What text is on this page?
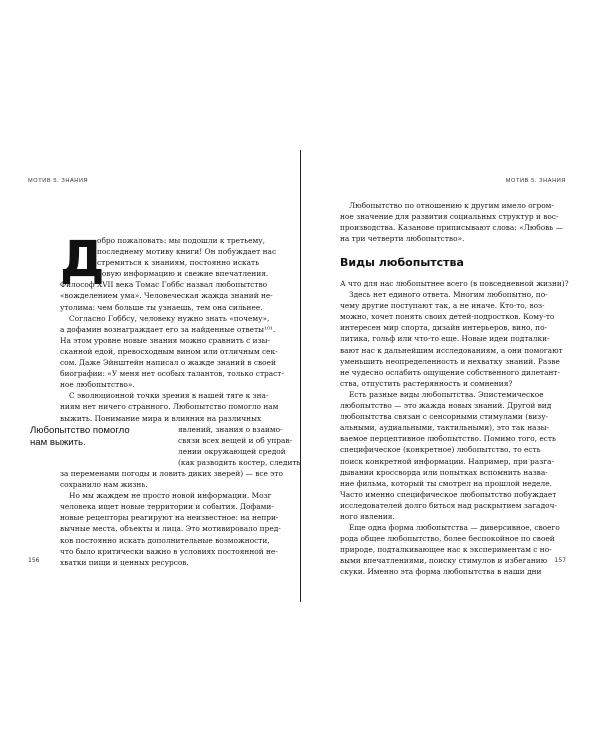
МОТИВ 5. ЗНАНИЯ
Д
обро пожаловать: мы подошли к третьему,
последнему мотиву книги! Он побуждает нас
стремиться к знаниям, постоянно искать
новую информацию и свежие впечатления.
Философ XVII века Томас Гоббс назвал любопытство
«вожделением ума». Человеческая жажда знаний не-
утолима: чем больше ты узнаешь, тем она сильнее.
Согласно Гоббсу, человеку нужно знать «почему»,
а дофамин вознаграждает его за найденные ответы¹⁰¹.
На этом уровне новые знания можно сравнить с изы-
сканной едой, превосходным вином или отличным сек-
сом. Даже Эйнштейн написал о жажде знаний в своей
биографии: «У меня нет особых талантов, только страст-
ное любопытство».
С эволюционной точки зрения в нашей тяге к зна-
ниям нет ничего странного. Любопытство помогло нам
выжить. Понимание мира и влияния на различных
явлений, знания о взаимо-
связи всех вещей и об управ-
лении окружающей средой
(как разводить костер, следить
за переменами погоды и ловить диких зверей) — все это
сохранило нам жизнь.
Но мы жаждем не просто новой информации. Мозг
человека ищет новые территории и события. Дофами-
новые рецепторы реагируют на неизвестное: на непри-
вычные места, объекты и лица. Это мотивировало пред-
ков постоянно искать дополнительные возможности,
что было критически важно в условиях постоянной не-
хватки пищи и ценных ресурсов.
Любопытство помогло нам выжить.
156
МОТИВ 5. ЗНАНИЯ
157
Любопытство по отношению к другим имело огром-
ное значение для развития социальных структур и вос-
производства. Казанове приписывают слова: «Любовь —
на три четверти любопытство».
Виды любопытства
А что для нас любопытнее всего (в повседневной жизни)?
Здесь нет единого ответа. Многим любопытно, по-
чему другие поступают так, а не иначе. Кто-то, воз-
можно, хочет понять своих детей-подростков. Кому-то
интересен мир спорта, дизайн интерьеров, вино, по-
литика, гольф или что-то еще. Новые идеи подталки-
вают нас к дальнейшим исследованиям, а они помогают
уменьшить неопределенность и нехватку знаний. Разве
не чудесно ослабить ощущение собственного дилетант-
ства, отпустить растерянность и сомнения?
Есть разные виды любопытства. Эпистемическое
любопытство — это жажда новых знаний. Другой вид
любопытства связан с сенсорными стимулами (визу-
альными, аудиальными, тактильными), это так назы-
ваемое перцептивное любопытство. Помимо того, есть
специфическое (конкретное) любопытство, то есть
поиск конкретной информации. Например, при разга-
дывании кроссворда или попытках вспомнить назва-
ние фильма, который ты смотрел на прошлой неделе.
Часто именно специфическое любопытство побуждает
исследователей долго биться над раскрытием загадоч-
ного явления.
Еще одна форма любопытства — диверсивное, своего
рода общее любопытство, более беспокойное по своей
природе, подталкивающее нас к экспериментам с но-
выми впечатлениями, поиску стимулов и избеганию
скуки. Именно эта форма любопытства в наши дни
